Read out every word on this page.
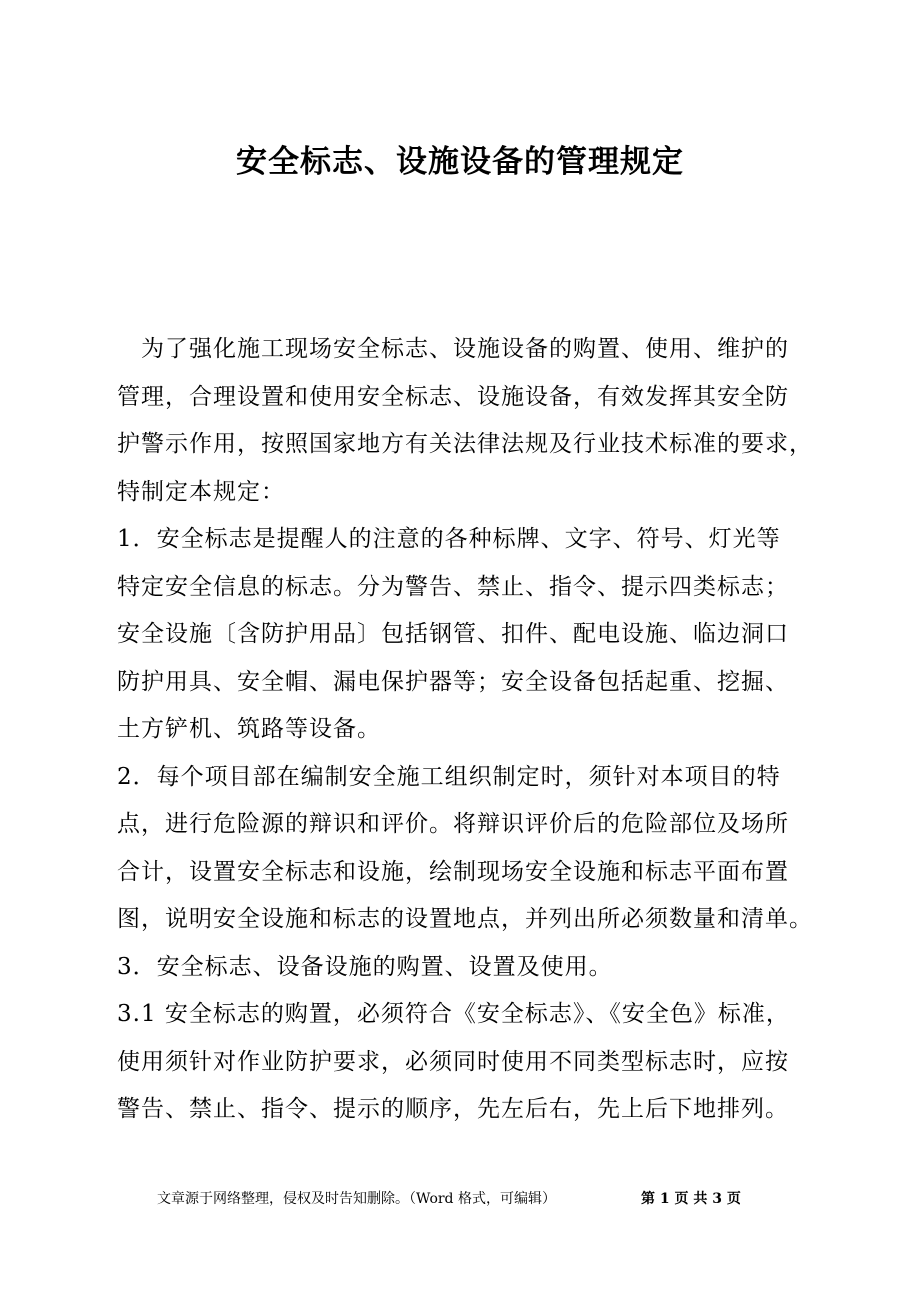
安全标志、设施设备的管理规定
　为了强化施工现场安全标志、设施设备的购置、使用、维护的
管理，合理设置和使用安全标志、设施设备，有效发挥其安全防
护警示作用，按照国家地方有关法律法规及行业技术标准的要求，
特制定本规定：
1．安全标志是提醒人的注意的各种标牌、文字、符号、灯光等
特定安全信息的标志。分为警告、禁止、指令、提示四类标志；
安全设施〔含防护用品〕包括钢管、扣件、配电设施、临边洞口
防护用具、安全帽、漏电保护器等；安全设备包括起重、挖掘、
土方铲机、筑路等设备。
2．每个项目部在编制安全施工组织制定时，须针对本项目的特
点，进行危险源的辩识和评价。将辩识评价后的危险部位及场所
合计，设置安全标志和设施，绘制现场安全设施和标志平面布置
图，说明安全设施和标志的设置地点，并列出所必须数量和清单。
3．安全标志、设备设施的购置、设置及使用。
3.1 安全标志的购置，必须符合《安全标志》、《安全色》标准，
使用须针对作业防护要求，必须同时使用不同类型标志时，应按
警告、禁止、指令、提示的顺序，先左后右，先上后下地排列。
文章源于网络整理，侵权及时告知删除。（Word 格式，可编辑）	第 1 页 共 3 页
